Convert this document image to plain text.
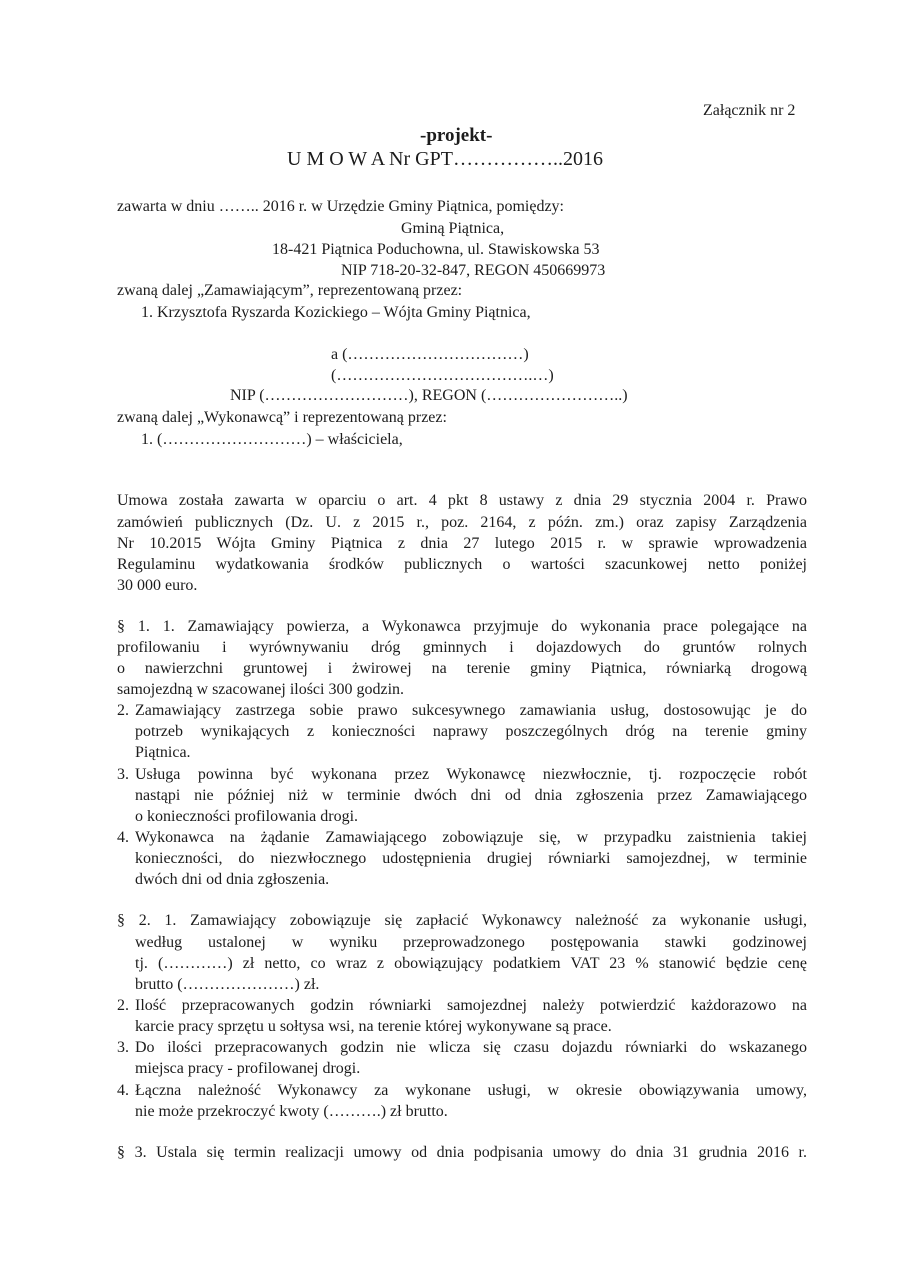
Załącznik nr 2
-projekt-
U M O W A Nr GPT……………..2016
zawarta w dniu …….. 2016 r. w Urzędzie Gminy Piątnica, pomiędzy:
Gminą Piątnica,
18-421 Piątnica Poduchowna, ul. Stawiskowska 53
NIP 718-20-32-847, REGON 450669973
zwaną dalej „Zamawiającym”, reprezentowaną przez:
1. Krzysztofa Ryszarda Kozickiego – Wójta Gminy Piątnica,
a (……………………………)
(……………………………….…)
NIP (………………………), REGON (……………………..)
zwaną dalej „Wykonawcą” i reprezentowaną przez:
1. (………………………) – właściciela,
Umowa została zawarta w oparciu o art. 4 pkt 8 ustawy z dnia 29 stycznia 2004 r. Prawo
zamówień publicznych (Dz. U. z 2015 r., poz. 2164, z późn. zm.) oraz zapisy Zarządzenia
Nr 10.2015 Wójta Gminy Piątnica z dnia 27 lutego 2015 r. w sprawie wprowadzenia
Regulaminu wydatkowania środków publicznych o wartości szacunkowej netto poniżej
30 000 euro.
§ 1. 1. Zamawiający powierza, a Wykonawca przyjmuje do wykonania prace polegające na
profilowaniu i wyrównywaniu dróg gminnych i dojazdowych do gruntów rolnych
o nawierzchni gruntowej i żwirowej na terenie gminy Piątnica, równiarką drogową
samojezdną w szacowanej ilości 300 godzin.
2. Zamawiający zastrzega sobie prawo sukcesywnego zamawiania usług, dostosowując je do
potrzeb wynikających z konieczności naprawy poszczególnych dróg na terenie gminy
Piątnica.
3. Usługa powinna być wykonana przez Wykonawcę niezwłocznie, tj. rozpoczęcie robót
nastąpi nie później niż w terminie dwóch dni od dnia zgłoszenia przez Zamawiającego
o konieczności profilowania drogi.
4. Wykonawca na żądanie Zamawiającego zobowiązuje się, w przypadku zaistnienia takiej
konieczności, do niezwłocznego udostępnienia drugiej równiarki samojezdnej, w terminie
dwóch dni od dnia zgłoszenia.
§ 2. 1. Zamawiający zobowiązuje się zapłacić Wykonawcy należność za wykonanie usługi,
według ustalonej w wyniku przeprowadzonego postępowania stawki godzinowej
tj. (…………) zł netto, co wraz z obowiązujący podatkiem VAT 23 % stanowić będzie cenę
brutto (…………………) zł.
2. Ilość przepracowanych godzin równiarki samojezdnej należy potwierdzić każdorazowo na
karcie pracy sprzętu u sołtysa wsi, na terenie której wykonywane są prace.
3. Do ilości przepracowanych godzin nie wlicza się czasu dojazdu równiarki do wskazanego
miejsca pracy - profilowanej drogi.
4. Łączna należność Wykonawcy za wykonane usługi, w okresie obowiązywania umowy,
nie może przekroczyć kwoty (……….) zł brutto.
§ 3. Ustala się termin realizacji umowy od dnia podpisania umowy do dnia 31 grudnia 2016 r.
